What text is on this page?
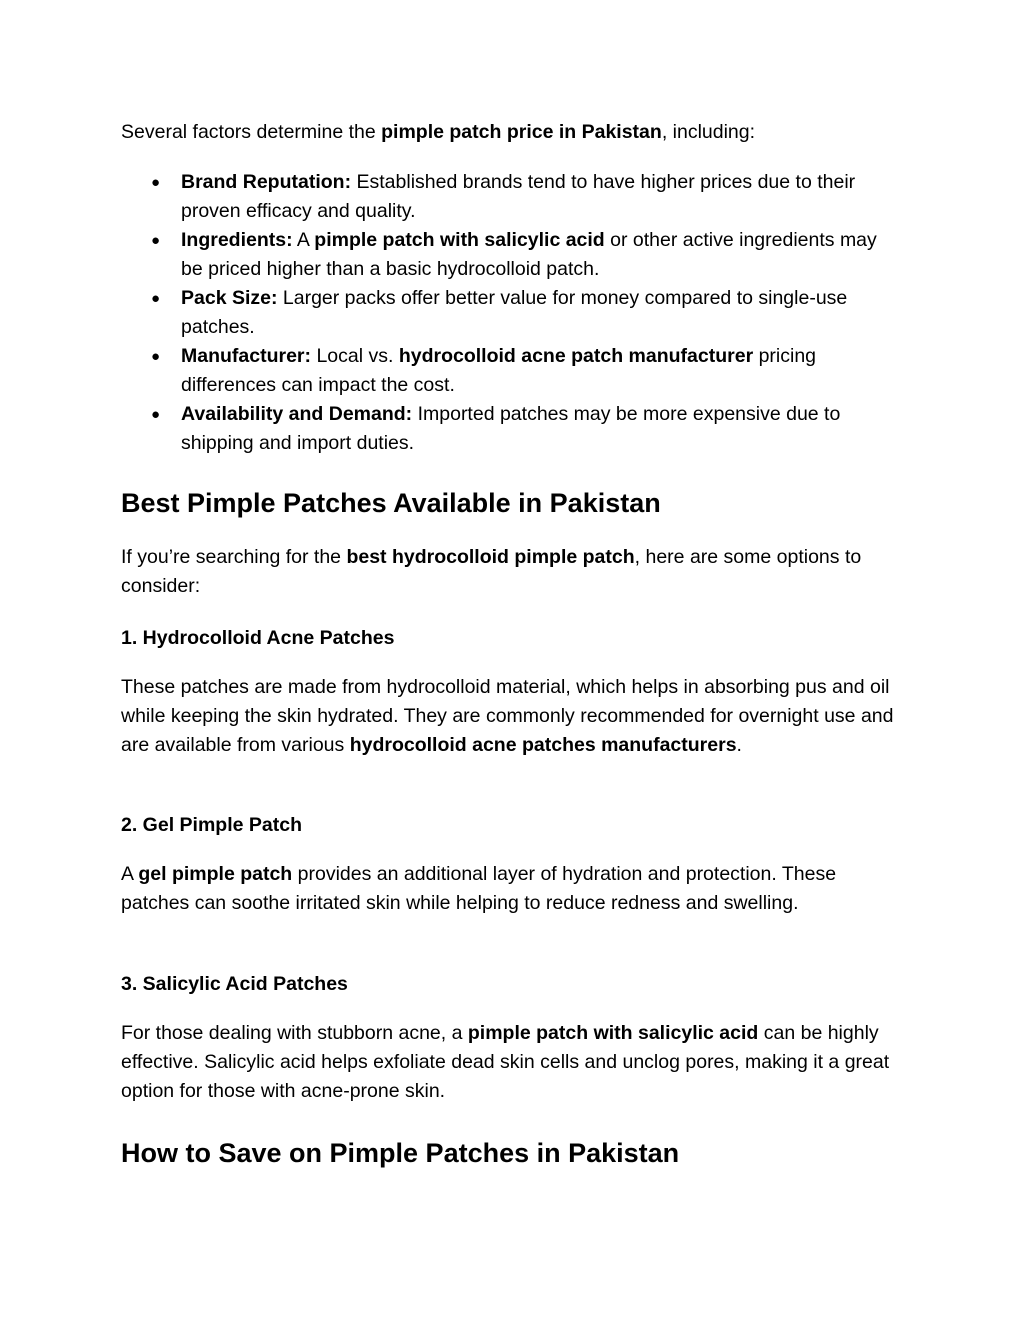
Several factors determine the pimple patch price in Pakistan, including:

● Brand Reputation: Established brands tend to have higher prices due to their proven efficacy and quality.
● Ingredients: A pimple patch with salicylic acid or other active ingredients may be priced higher than a basic hydrocolloid patch.
● Pack Size: Larger packs offer better value for money compared to single-use patches.
● Manufacturer: Local vs. hydrocolloid acne patch manufacturer pricing differences can impact the cost.
● Availability and Demand: Imported patches may be more expensive due to shipping and import duties.
Best Pimple Patches Available in Pakistan

If you’re searching for the best hydrocolloid pimple patch, here are some options to consider:

1. Hydrocolloid Acne Patches

These patches are made from hydrocolloid material, which helps in absorbing pus and oil while keeping the skin hydrated. They are commonly recommended for overnight use and are available from various hydrocolloid acne patches manufacturers.

2. Gel Pimple Patch

A gel pimple patch provides an additional layer of hydration and protection. These patches can soothe irritated skin while helping to reduce redness and swelling.

3. Salicylic Acid Patches

For those dealing with stubborn acne, a pimple patch with salicylic acid can be highly effective. Salicylic acid helps exfoliate dead skin cells and unclog pores, making it a great option for those with acne-prone skin.

How to Save on Pimple Patches in Pakistan
